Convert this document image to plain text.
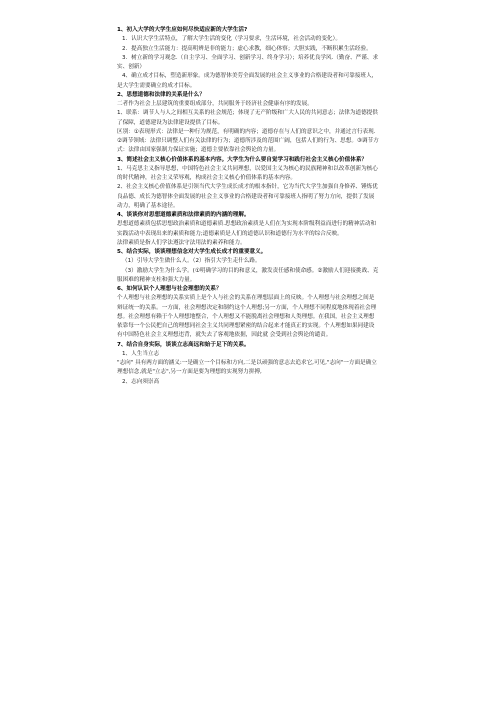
1、初入大学的大学生应如何尽快适应新的大学生活?

1．认识大学生活特点，了解大学生活的变化（学习要求，生活环境，社会活动的变化）。

2．提高独立生活能力：提高明辨是非的能力；虚心求教，细心体察；大胆实践，不断积累生活经验。

3．树立新的学习观念.（自主学习、全面学习、创新学习、终身学习）；培养优良学风.（勤奋、严谨、求实、创新）

4、确立成才目标，塑造新形象。成为德智体美劳全面发展的社会主义事业的合格建设者和可靠接班人，是大学生需要确立的成才目标。

2、思想道德和法律的关系是什么？

二者作为社会上层建筑的重要组成部分，共同服务于经济社会健康有序的发展。

1、联系：调节人与人之间相互关系的社会规范；体现了无产阶级和广大人民的共同意志；法律为道德提供了保障，道德建设为法律建设提供了目标。

区别：①表现形式：法律是一种行为规范，有明确的内容；道德存在与人们的意识之中，并通过言行表现. ②调节领域：法律只调整人们有关法律的行为；道德所涉及的范围广阔，包括人们的行为、思想。③调节方式：法律由国家强制力保证实施；道德主要依靠社会舆论的力量。

3、简述社会主义核心价值体系的基本内容。大学生为什么要自觉学习和践行社会主义核心价值体系？

1、马克思主义指导思想，中国特色社会主义共同理想，以爱国主义为核心的民族精神和以改革创新为核心的时代精神，社会主义荣辱观，构成社会主义核心价值体系的基本内容。

2、社会主义核心价值体系是引领当代大学生成长成才的根本指针，它为当代大学生加强自身修养、锤炼优良品德、成长为德智体全面发展的社会主义事业的合格建设者和可靠接班人指明了努力方向，提供了发展动力，明确了基本途径。

4、谈谈你对思想道德素质和法律素质的内涵的理解。

思想道德素质包括思想政治素质和道德素质.思想政治素质是人们在为实现本阶级利益而进行的精神活动和实践活动中表现出来的素质和能力;道德素质是人们的道德认识和道德行为水平的综合反映。

法律素质是指人们学法遵法守法用法的素养和能力。

5、结合实际，谈谈理想信念对大学生成长成才的重要意义。

（1）引导大学生做什么人。（2）指引大学生走什么路。

（3）激励大学生为什么学。(①明确学习的目的和意义，激发责任感和使命感。②激励人们迎接挑战、克服困难的精神支柱和强大力量。

6、如何认识个人理想与社会理想的关系？

个人理想与社会理想的关系实质上是个人与社会的关系在理想层面上的反映。个人理想与社会理想之间是辩证统一的关系。一方面，社会理想决定和制约这个人理想;另一方面，个人理想不同程度地体现着社会理想。社会理想有赖于个人理想地整合，个人理想又不能脱离社会理想和人类理想。在我国，社会主义理想依靠每一个公民把自己的理想同社会主义共同理想紧密的结合起来才能真正的实现。个人理想如果同建设有中国特色社会主义理想违背，就失去了客观地依据，因此就 会受到社会舆论的谴责。

7、结合自身实际，谈谈立志高远和始于足下的关系。

1、人生当立志

"志向" 具有两方面的涵义:一是确立一个目标和方向,二是以顽强的意志去追求它,可见,"志向"一方面是确立理想信念,就是"立志",另一方面是要为理想的实现努力拼搏,

2、志向须崇高
